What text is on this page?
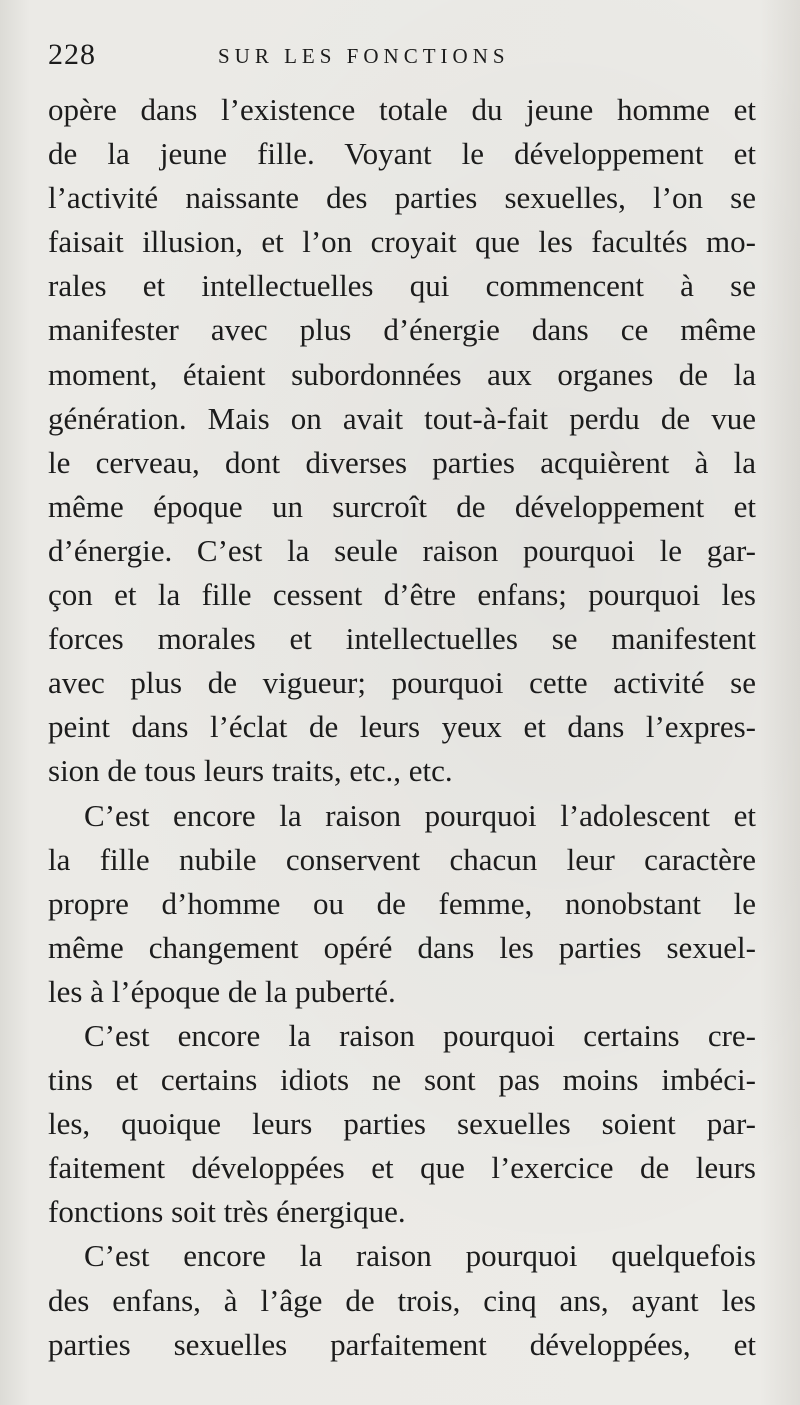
228	SUR LES FONCTIONS
opère dans l’existence totale du jeune homme et
de la jeune fille. Voyant le développement et
l’activité naissante des parties sexuelles, l’on se
faisait illusion, et l’on croyait que les facultés mo-
rales et intellectuelles qui commencent à se
manifester avec plus d’énergie dans ce même
moment, étaient subordonnées aux organes de la
génération. Mais on avait tout-à-fait perdu de vue
le cerveau, dont diverses parties acquièrent à la
même époque un surcroît de développement et
d’énergie. C’est la seule raison pourquoi le gar-
çon et la fille cessent d’être enfans; pourquoi les
forces morales et intellectuelles se manifestent
avec plus de vigueur; pourquoi cette activité se
peint dans l’éclat de leurs yeux et dans l’expres-
sion de tous leurs traits, etc., etc.
C’est encore la raison pourquoi l’adolescent et
la fille nubile conservent chacun leur caractère
propre d’homme ou de femme, nonobstant le
même changement opéré dans les parties sexuel-
les à l’époque de la puberté.
C’est encore la raison pourquoi certains cre-
tins et certains idiots ne sont pas moins imbéci-
les, quoique leurs parties sexuelles soient par-
faitement développées et que l’exercice de leurs
fonctions soit très énergique.
C’est encore la raison pourquoi quelquefois
des enfans, à l’âge de trois, cinq ans, ayant les
parties sexuelles parfaitement développées, et
